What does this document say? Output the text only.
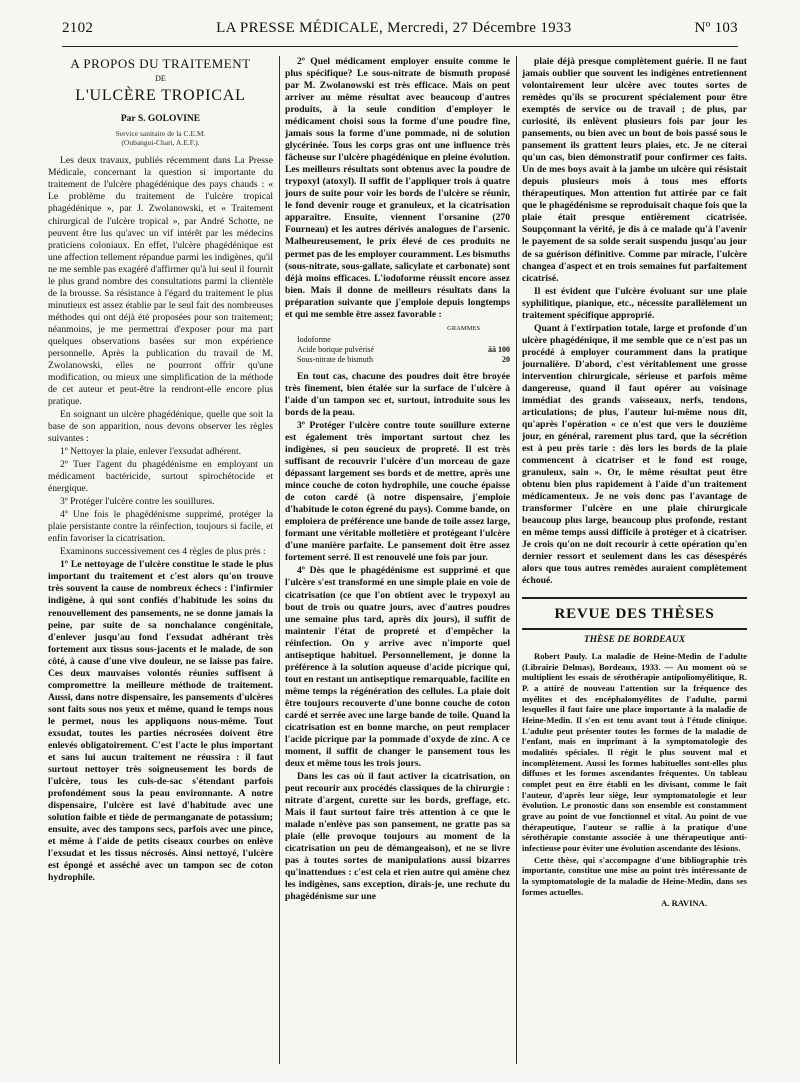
2102	LA PRESSE MÉDICALE, Mercredi, 27 Décembre 1933	Nº 103
A PROPOS DU TRAITEMENT
DE
L'ULCÈRE TROPICAL
Par S. GOLOVINE
Service sanitaire de la C.E.M.
(Oubangui-Chari, A.E.F.).

Les deux travaux, publiés récemment dans La Presse Médicale, concernant la question si importante du traitement de l'ulcère phagédénique des pays chauds : « Le problème du traitement de l'ulcère tropical phagédénique », par J. Zwolanowski, et « Traitement chirurgical de l'ulcère tropical », par André Schotte, ne peuvent être lus qu'avec un vif intérêt par les médecins praticiens coloniaux. En effet, l'ulcère phagédénique est une affection tellement répandue parmi les indigènes, qu'il ne me semble pas exagéré d'affirmer qu'à lui seul il fournit le plus grand nombre des consultations parmi la clientèle de la brousse. Sa résistance à l'égard du traitement le plus minutieux est assez établie par le seul fait des nombreuses méthodes qui ont déjà été proposées pour son traitement; néanmoins, je me permettrai d'exposer pour ma part quelques observations basées sur mon expérience personnelle. Après la publication du travail de M. Zwolanowski, elles ne pourront offrir qu'une modification, ou mieux une simplification de la méthode de cet auteur et peut-être la rendront-elle encore plus pratique.

En soignant un ulcère phagédénique, quelle que soit la base de son apparition, nous devons observer les règles suivantes :

1º Nettoyer la plaie, enlever l'exsudat adhérent.

2º Tuer l'agent du phagédénisme en employant un médicament bactéricide, surtout spirochétocide et énergique.

3º Protéger l'ulcère contre les souillures.

4º Une fois le phagédénisme supprimé, protéger la plaie persistante contre la réinfection, toujours si facile, et enfin favoriser la cicatrisation.

Examinons successivement ces 4 règles de plus près :

1º Le nettoyage de l'ulcère constitue le stade le plus important du traitement et c'est alors qu'on trouve très souvent la cause de nombreux échecs : l'infirmier indigène, à qui sont confiés d'habitude les soins du renouvellement des pansements, ne se donne jamais la peine, par suite de sa nonchalance congénitale, d'enlever jusqu'au fond l'exsudat adhérant très fortement aux tissus sous-jacents et le malade, de son côté, à cause d'une vive douleur, ne se laisse pas faire. Ces deux mauvaises volontés réunies suffisent à compromettre la meilleure méthode de traitement. Aussi, dans notre dispensaire, les pansements d'ulcères sont faits sous nos yeux et même, quand le temps nous le permet, nous les appliquons nous-même. Tout exsudat, toutes les parties nécrosées doivent être enlevés obligatoirement. C'est l'acte le plus important et sans lui aucun traitement ne réussira : il faut surtout nettoyer très soigneusement les bords de l'ulcère, tous les culs-de-sac s'étendant parfois profondément sous la peau environnante. A notre dispensaire, l'ulcère est lavé d'habitude avec une solution faible et tiède de permanganate de potassium; ensuite, avec des tampons secs, parfois avec une pince, et même à l'aide de petits ciseaux courbes on enlève l'exsudat et les tissus nécrosés. Ainsi nettoyé, l'ulcère est épongé et asséché avec un tampon sec de coton hydrophile.

2º Quel médicament employer ensuite comme le plus spécifique? Le sous-nitrate de bismuth proposé par M. Zwolanowski est très efficace. Mais on peut arriver au même résultat avec beaucoup d'autres produits, à la seule condition d'employer le médicament choisi sous la forme d'une poudre fine, jamais sous la forme d'une pommade, ni de solution glycérinée. Tous les corps gras ont une influence très fâcheuse sur l'ulcère phagédénique en pleine évolution. Les meilleurs résultats sont obtenus avec la poudre de trypoxyl (atoxyl). Il suffit de l'appliquer trois à quatre jours de suite pour voir les bords de l'ulcère se réunir, le fond devenir rouge et granuleux, et la cicatrisation apparaître. Ensuite, viennent l'orsanine (270 Fourneau) et les autres dérivés analogues de l'arsenic. Malheureusement, le prix élevé de ces produits ne permet pas de les employer couramment. Les bismuths (sous-nitrate, sous-gallate, salicylate et carbonate) sont déjà moins efficaces. L'iodoforme réussit encore assez bien. Mais il donne de meilleurs résultats dans la préparation suivante que j'emploie depuis longtemps et qui me semble être assez favorable :

GRAMMES
Iodoforme
Acide borique pulvérisé	āā 100
Sous-nitrate de bismuth	20

En tout cas, chacune des poudres doit être broyée très finement, bien étalée sur la surface de l'ulcère à l'aide d'un tampon sec et, surtout, introduite sous les bords de la peau.

3º Protéger l'ulcère contre toute souillure externe est également très important surtout chez les indigènes, si peu soucieux de propreté. Il est très suffisant de recouvrir l'ulcère d'un morceau de gaze dépassant largement ses bords et de mettre, après une mince couche de coton hydrophile, une couche épaisse de coton cardé (à notre dispensaire, j'emploie d'habitude le coton égrené du pays). Comme bande, on emploiera de préférence une bande de toile assez large, formant une véritable molletière et protégeant l'ulcère d'une manière parfaite. Le pansement doit être assez fortement serré. Il est renouvelé une fois par jour.

4º Dès que le phagédénisme est supprimé et que l'ulcère s'est transformé en une simple plaie en voie de cicatrisation (ce que l'on obtient avec le trypoxyl au bout de trois ou quatre jours, avec d'autres poudres une semaine plus tard, après dix jours), il suffit de maintenir l'état de propreté et d'empêcher la réinfection. On y arrive avec n'importe quel antiseptique habituel. Personnellement, je donne la préférence à la solution aqueuse d'acide picrique qui, tout en restant un antiseptique remarquable, facilite en même temps la régénération des cellules. La plaie doit être toujours recouverte d'une bonne couche de coton cardé et serrée avec une large bande de toile. Quand la cicatrisation est en bonne marche, on peut remplacer l'acide picrique par la pommade d'oxyde de zinc. A ce moment, il suffit de changer le pansement tous les deux et même tous les trois jours.

Dans les cas où il faut activer la cicatrisation, on peut recourir aux procédés classiques de la chirurgie : nitrate d'argent, curette sur les bords, greffage, etc. Mais il faut surtout faire très attention à ce que le malade n'enlève pas son pansement, ne gratte pas sa plaie (elle provoque toujours au moment de la cicatrisation un peu de démangeaison), et ne se livre pas à toutes sortes de manipulations aussi bizarres qu'inattendues : c'est cela et rien autre qui amène chez les indigènes, sans exception, dirais-je, une rechute du phagédénisme sur une

plaie déjà presque complètement guérie. Il ne faut jamais oublier que souvent les indigènes entretiennent volontairement leur ulcère avec toutes sortes de remèdes qu'ils se procurent spécialement pour être exemptés de service ou de travail ; de plus, par curiosité, ils enlèvent plusieurs fois par jour les pansements, ou bien avec un bout de bois passé sous le pansement ils grattent leurs plaies, etc. Je ne citerai qu'un cas, bien démonstratif pour confirmer ces faits. Un de mes boys avait à la jambe un ulcère qui résistait depuis plusieurs mois à tous mes efforts thérapeutiques. Mon attention fut attirée par ce fait que le phagédénisme se reproduisait chaque fois que la plaie était presque entièrement cicatrisée. Soupçonnant la vérité, je dis à ce malade qu'à l'avenir le payement de sa solde serait suspendu jusqu'au jour de sa guérison définitive. Comme par miracle, l'ulcère changea d'aspect et en trois semaines fut parfaitement cicatrisé.

Il est évident que l'ulcère évoluant sur une plaie syphilitique, pianique, etc., nécessite parallèlement un traitement spécifique approprié.

Quant à l'extirpation totale, large et profonde d'un ulcère phagédénique, il me semble que ce n'est pas un procédé à employer couramment dans la pratique journalière. D'abord, c'est véritablement une grosse intervention chirurgicale, sérieuse et parfois même dangereuse, quand il faut opérer au voisinage immédiat des grands vaisseaux, nerfs, tendons, articulations; de plus, l'auteur lui-même nous dit, qu'après l'opération « ce n'est que vers le douzième jour, en général, rarement plus tard, que la sécrétion est à peu près tarie : dès lors les bords de la plaie commencent à cicatriser et le fond est rouge, granuleux, sain ». Or, le même résultat peut être obtenu bien plus rapidement à l'aide d'un traitement médicamenteux. Je ne vois donc pas l'avantage de transformer l'ulcère en une plaie chirurgicale beaucoup plus large, beaucoup plus profonde, restant en même temps aussi difficile à protéger et à cicatriser. Je crois qu'on ne doit recourir à cette opération qu'en dernier ressort et seulement dans les cas désespérés alors que tous autres remèdes auraient complètement échoué.

REVUE DES THÈSES
THÈSE DE BORDEAUX

Robert Pauly. La maladie de Heine-Medin de l'adulte (Librairie Delmas), Bordeaux, 1933. — Au moment où se multiplient les essais de sérothérapie antipoliomyélitique, R. P. a attiré de nouveau l'attention sur la fréquence des myélites et des encéphalomyélites de l'adulte, parmi lesquelles il faut faire une place importante à la maladie de Heine-Medin. Il s'en est tenu avant tout à l'étude clinique. L'adulte peut présenter toutes les formes de la maladie de l'enfant, mais en imprimant à la symptomatologie des modalités spéciales. Il régit le plus souvent mal et incomplètement. Aussi les formes habituelles sont-elles plus diffuses et les formes ascendantes fréquentes. Un tableau complet peut en être établi en les divisant, comme le fait l'auteur, d'après leur siège, leur symptomatologie et leur évolution. Le pronostic dans son ensemble est constamment grave au point de vue fonctionnel et vital. Au point de vue thérapeutique, l'auteur se rallie à la pratique d'une sérothérapie constante associée à une thérapeutique anti-infectieuse pour éviter une évolution ascendante des lésions.

Cette thèse, qui s'accompagne d'une bibliographie très importante, constitue une mise au point très intéressante de la symptomatologie de la maladie de Heine-Medin, dans ses formes actuelles.

A. RAVINA.
